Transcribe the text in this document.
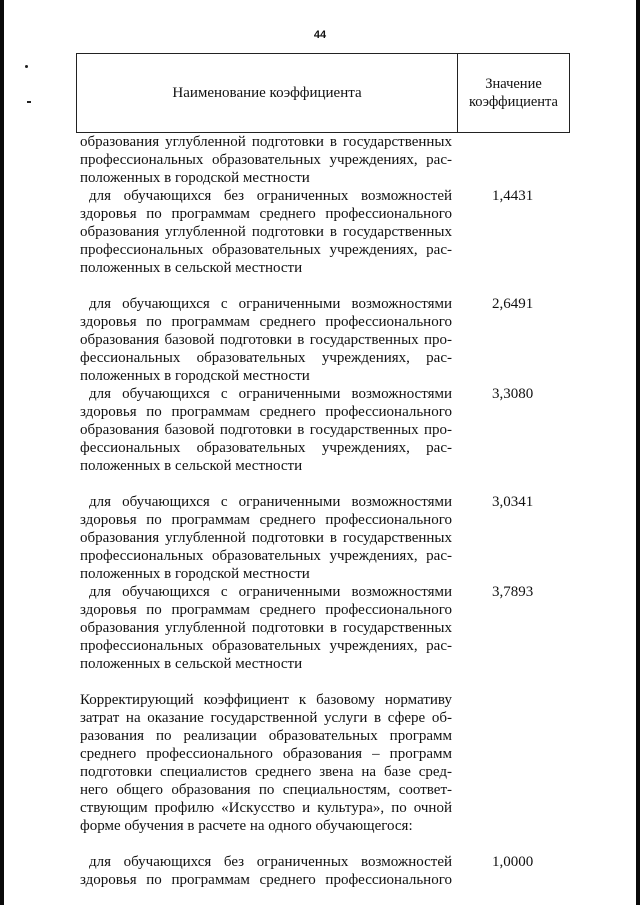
44
Наименование коэффициента
Значение
коэффициента
образования углубленной подготовки в государственных
профессиональных образовательных учреждениях, рас-
положенных в городской местности
для обучающихся без ограниченных возможностей
здоровья по программам среднего профессионального
образования углубленной подготовки в государственных
профессиональных образовательных учреждениях, рас-
положенных в сельской местности
1,4431
для обучающихся с ограниченными возможностями
здоровья по программам среднего профессионального
образования базовой подготовки в государственных про-
фессиональных образовательных учреждениях, рас-
положенных в городской местности
2,6491
для обучающихся с ограниченными возможностями
здоровья по программам среднего профессионального
образования базовой подготовки в государственных про-
фессиональных образовательных учреждениях, рас-
положенных в сельской местности
3,3080
для обучающихся с ограниченными возможностями
здоровья по программам среднего профессионального
образования углубленной подготовки в государственных
профессиональных образовательных учреждениях, рас-
положенных в городской местности
3,0341
для обучающихся с ограниченными возможностями
здоровья по программам среднего профессионального
образования углубленной подготовки в государственных
профессиональных образовательных учреждениях, рас-
положенных в сельской местности
3,7893
Корректирующий коэффициент к базовому нормативу
затрат на оказание государственной услуги в сфере об-
разования по реализации образовательных программ
среднего профессионального образования – программ
подготовки специалистов среднего звена на базе сред-
него общего образования по специальностям, соответ-
ствующим профилю «Искусство и культура», по очной
форме обучения в расчете на одного обучающегося:
для обучающихся без ограниченных возможностей
здоровья по программам среднего профессионального
1,0000
